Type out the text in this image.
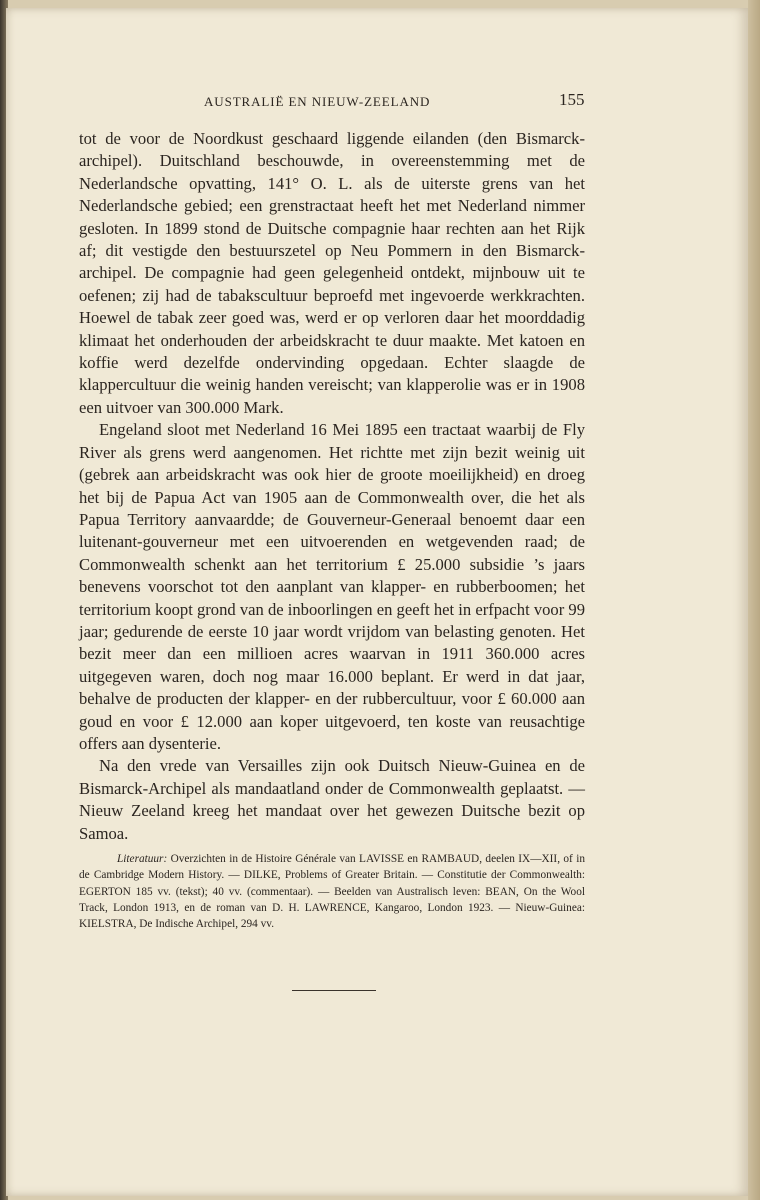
AUSTRALIË EN NIEUW-ZEELAND	155

tot de voor de Noordkust geschaard liggende eilanden (den Bismarck-archipel). Duitschland beschouwde, in overeenstemming met de Nederlandsche opvatting, 141° O. L. als de uiterste grens van het Nederlandsche gebied; een grenstractaat heeft het met Nederland nimmer gesloten. In 1899 stond de Duitsche compagnie haar rechten aan het Rijk af; dit vestigde den bestuurszetel op Neu Pommern in den Bismarck-archipel. De compagnie had geen gelegenheid ontdekt, mijnbouw uit te oefenen; zij had de tabakscultuur beproefd met ingevoerde werkkrachten. Hoewel de tabak zeer goed was, werd er op verloren daar het moorddadig klimaat het onderhouden der arbeidskracht te duur maakte. Met katoen en koffie werd dezelfde ondervinding opgedaan. Echter slaagde de klappercultuur die weinig handen vereischt; van klapperolie was er in 1908 een uitvoer van 300.000 Mark.

Engeland sloot met Nederland 16 Mei 1895 een tractaat waarbij de Fly River als grens werd aangenomen. Het richtte met zijn bezit weinig uit (gebrek aan arbeidskracht was ook hier de groote moeilijkheid) en droeg het bij de Papua Act van 1905 aan de Commonwealth over, die het als Papua Territory aanvaardde; de Gouverneur-Generaal benoemt daar een luitenant-gouverneur met een uitvoerenden en wetgevenden raad; de Commonwealth schenkt aan het territorium £ 25.000 subsidie ’s jaars benevens voorschot tot den aanplant van klapper- en rubberboomen; het territorium koopt grond van de inboorlingen en geeft het in erfpacht voor 99 jaar; gedurende de eerste 10 jaar wordt vrijdom van belasting genoten. Het bezit meer dan een millioen acres waarvan in 1911 360.000 acres uitgegeven waren, doch nog maar 16.000 beplant. Er werd in dat jaar, behalve de producten der klapper- en der rubbercultuur, voor £ 60.000 aan goud en voor £ 12.000 aan koper uitgevoerd, ten koste van reusachtige offers aan dysenterie.

Na den vrede van Versailles zijn ook Duitsch Nieuw-Guinea en de Bismarck-Archipel als mandaatland onder de Commonwealth geplaatst. — Nieuw Zeeland kreeg het mandaat over het gewezen Duitsche bezit op Samoa.

Literatuur: Overzichten in de Histoire Générale van LAVISSE en RAMBAUD, deelen IX—XII, of in de Cambridge Modern History. — DILKE, Problems of Greater Britain. — Constitutie der Commonwealth: EGERTON 185 vv. (tekst); 40 vv. (commentaar). — Beelden van Australisch leven: BEAN, On the Wool Track, London 1913, en de roman van D. H. LAWRENCE, Kangaroo, London 1923. — Nieuw-Guinea: KIELSTRA, De Indische Archipel, 294 vv.
